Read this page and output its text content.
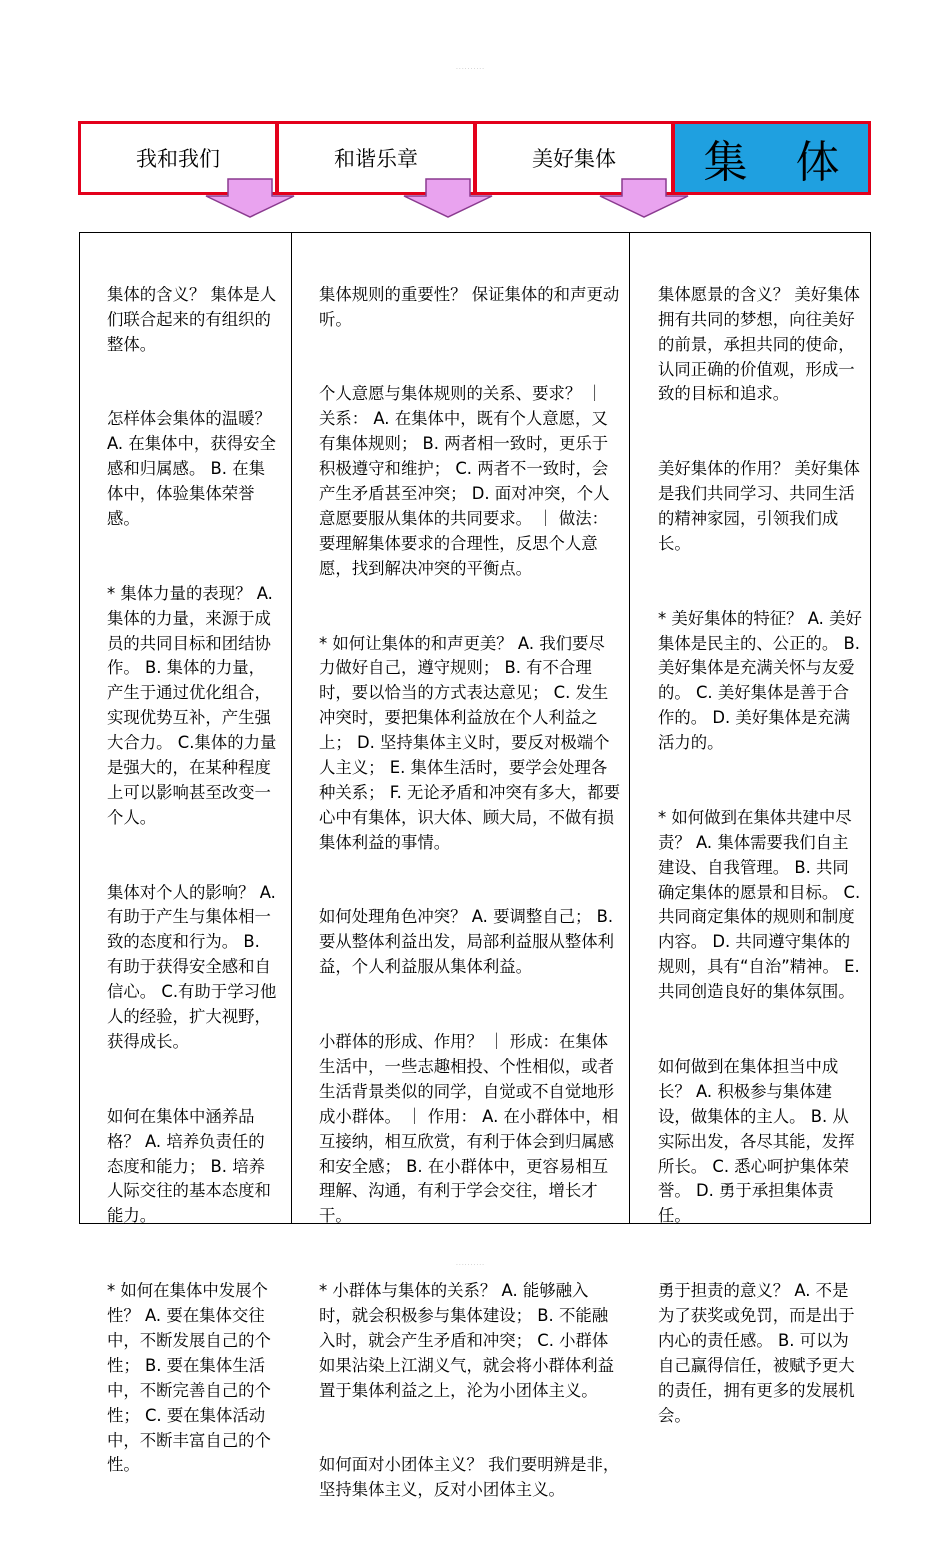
··········
我和我们	和谐乐章	美好集体 集体

集体的含义？ 集体是人们联合起来的有组织的整体。

怎样体会集体的温暖？ A. 在集体中，获得安全感和归属感。 B. 在集体中，体验集体荣誉感。

* 集体力量的表现？ A. 集体的力量，来源于成员的共同目标和团结协作。 B. 集体的力量，产生于通过优化组合，实现优势互补，产生强大合力。 C.集体的力量是强大的，在某种程度上可以影响甚至改变一个人。

集体对个人的影响？ A. 有助于产生与集体相一致的态度和行为。 B. 有助于获得安全感和自信心。 C.有助于学习他人的经验，扩大视野，获得成长。

如何在集体中涵养品格？ A. 培养负责任的态度和能力； B. 培养人际交往的基本态度和能力。

* 如何在集体中发展个性？ A. 要在集体交往中，不断发展自己的个性； B. 要在集体生活中，不断完善自己的个性； C. 要在集体活动中，不断丰富自己的个性。

集体规则的重要性？ 保证集体的和声更动听。

个人意愿与集体规则的关系、要求？ ｜ 关系： A. 在集体中，既有个人意愿，又有集体规则； B. 两者相一致时，更乐于积极遵守和维护； C. 两者不一致时，会产生矛盾甚至冲突； D. 面对冲突，个人意愿要服从集体的共同要求。 ｜ 做法：要理解集体要求的合理性，反思个人意愿，找到解决冲突的平衡点。

* 如何让集体的和声更美？ A. 我们要尽力做好自己，遵守规则； B. 有不合理时，要以恰当的方式表达意见； C. 发生冲突时，要把集体利益放在个人利益之上； D. 坚持集体主义时，要反对极端个人主义； E. 集体生活时，要学会处理各种关系； F. 无论矛盾和冲突有多大，都要心中有集体，识大体、顾大局，不做有损集体利益的事情。

如何处理角色冲突？ A. 要调整自己； B. 要从整体利益出发，局部利益服从整体利益，个人利益服从集体利益。

小群体的形成、作用？ ｜ 形成：在集体生活中，一些志趣相投、个性相似，或者生活背景类似的同学，自觉或不自觉地形成小群体。 ｜ 作用： A. 在小群体中，相互接纳，相互欣赏，有利于体会到归属感和安全感； B. 在小群体中，更容易相互理解、沟通，有利于学会交往，增长才干。

* 小群体与集体的关系？ A. 能够融入时，就会积极参与集体建设； B. 不能融入时，就会产生矛盾和冲突； C. 小群体如果沾染上江湖义气，就会将小群体利益置于集体利益之上，沦为小团体主义。

如何面对小团体主义？ 我们要明辨是非，坚持集体主义，反对小团体主义。

集体愿景的含义？ 美好集体拥有共同的梦想，向往美好的前景，承担共同的使命，认同正确的价值观，形成一致的目标和追求。

美好集体的作用？ 美好集体是我们共同学习、共同生活的精神家园，引领我们成长。

* 美好集体的特征？ A. 美好集体是民主的、公正的。 B. 美好集体是充满关怀与友爱的。 C. 美好集体是善于合作的。 D. 美好集体是充满活力的。

* 如何做到在集体共建中尽责？ A. 集体需要我们自主建设、自我管理。 B. 共同确定集体的愿景和目标。 C. 共同商定集体的规则和制度内容。 D. 共同遵守集体的规则，具有“自治”精神。 E. 共同创造良好的集体氛围。

如何做到在集体担当中成长？ A. 积极参与集体建设，做集体的主人。 B. 从实际出发，各尽其能，发挥所长。 C. 悉心呵护集体荣誉。 D. 勇于承担集体责任。

勇于担责的意义？ A. 不是为了获奖或免罚，而是出于内心的责任感。 B. 可以为自己赢得信任，被赋予更大的责任，拥有更多的发展机会。

··········
